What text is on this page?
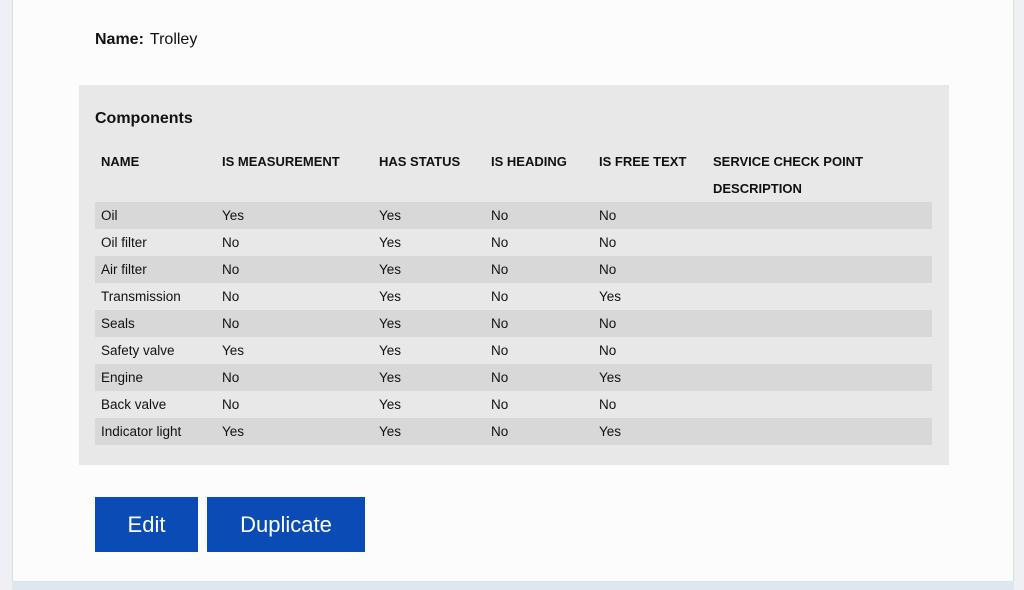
Name: Trolley
Components
NAME	IS MEASUREMENT	HAS STATUS	IS HEADING	IS FREE TEXT	SERVICE CHECK POINT DESCRIPTION
Oil	Yes	Yes	No	No	
Oil filter	No	Yes	No	No	
Air filter	No	Yes	No	No	
Transmission	No	Yes	No	Yes	
Seals	No	Yes	No	No	
Safety valve	Yes	Yes	No	No	
Engine	No	Yes	No	Yes	
Back valve	No	Yes	No	No	
Indicator light	Yes	Yes	No	Yes	
Edit	Duplicate
